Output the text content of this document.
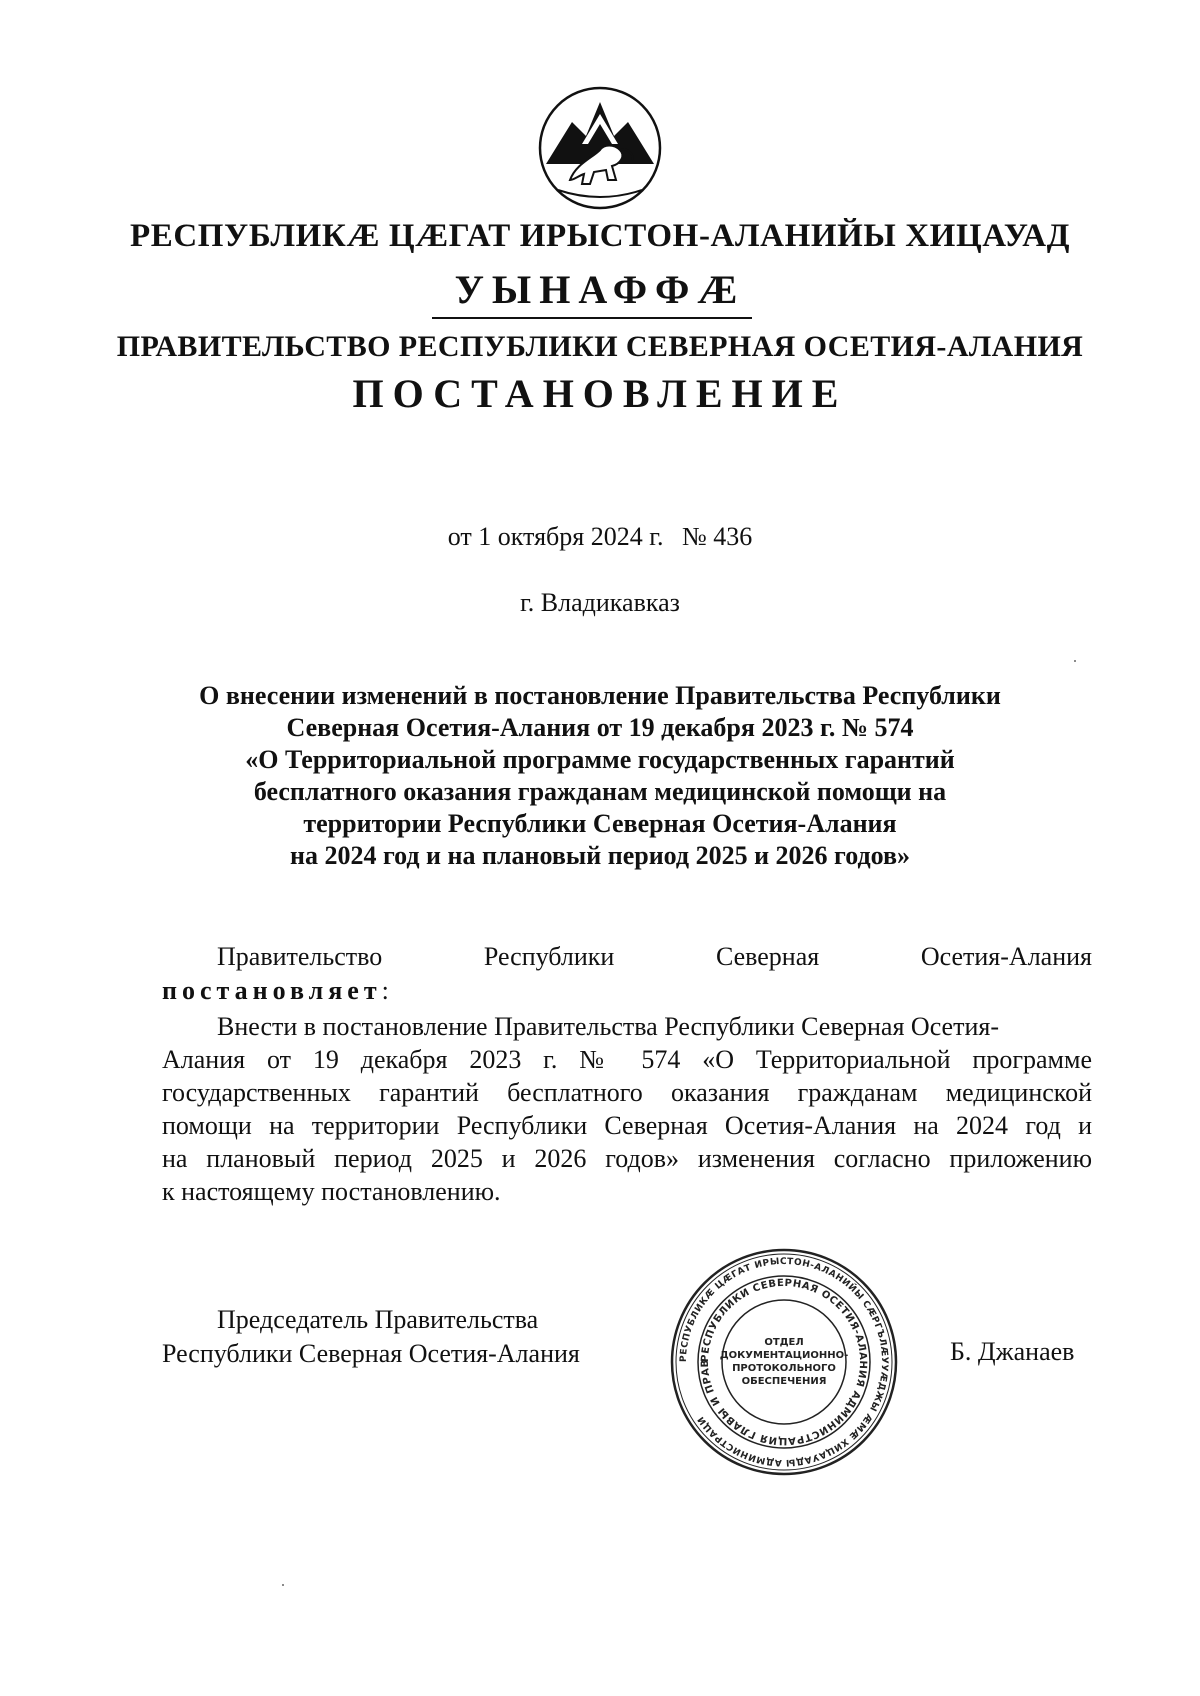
РЕСПУБЛИКӔ ЦӔГАТ ИРЫСТОН-АЛАНИЙЫ ХИЦАУАД
УЫНАФФӔ
ПРАВИТЕЛЬСТВО РЕСПУБЛИКИ СЕВЕРНАЯ ОСЕТИЯ-АЛАНИЯ
ПОСТАНОВЛЕНИЕ
от 1 октября 2024 г. № 436
г. Владикавказ
О внесении изменений в постановление Правительства Республики
Северная Осетия-Алания от 19 декабря 2023 г. № 574
«О Территориальной программе государственных гарантий
бесплатного оказания гражданам медицинской помощи на
территории Республики Северная Осетия-Алания
на 2024 год и на плановый период 2025 и 2026 годов»
Правительство	Республики	Северная	Осетия-Алания
постановляет:
Внести в постановление Правительства Республики Северная Осетия-
Алания от 19 декабря 2023 г. № 574 «О Территориальной программе
государственных гарантий бесплатного оказания гражданам медицинской
помощи на территории Республики Северная Осетия-Алания на 2024 год и
на плановый период 2025 и 2026 годов» изменения согласно приложению
к настоящему постановлению.
Председатель Правительства
Республики Северная Осетия-Алания	Б. Джанаев
РЕСПУБЛИКӔ ЦӔГАТ ИРЫСТОН-АЛАНИЙЫ СӔРГЪЛӔУУӔДЖЫ ӔМӔ ХИЦАУАДЫ АДМИНИСТРАЦИ
РЕСПУБЛИКИ СЕВЕРНАЯ ОСЕТИЯ-АЛАНИЯ АДМИНИСТРАЦИЯ ГЛАВЫ И ПРАВ
ОТДЕЛ
ДОКУМЕНТАЦИОННО-
ПРОТОКОЛЬНОГО
ОБЕСПЕЧЕНИЯ
